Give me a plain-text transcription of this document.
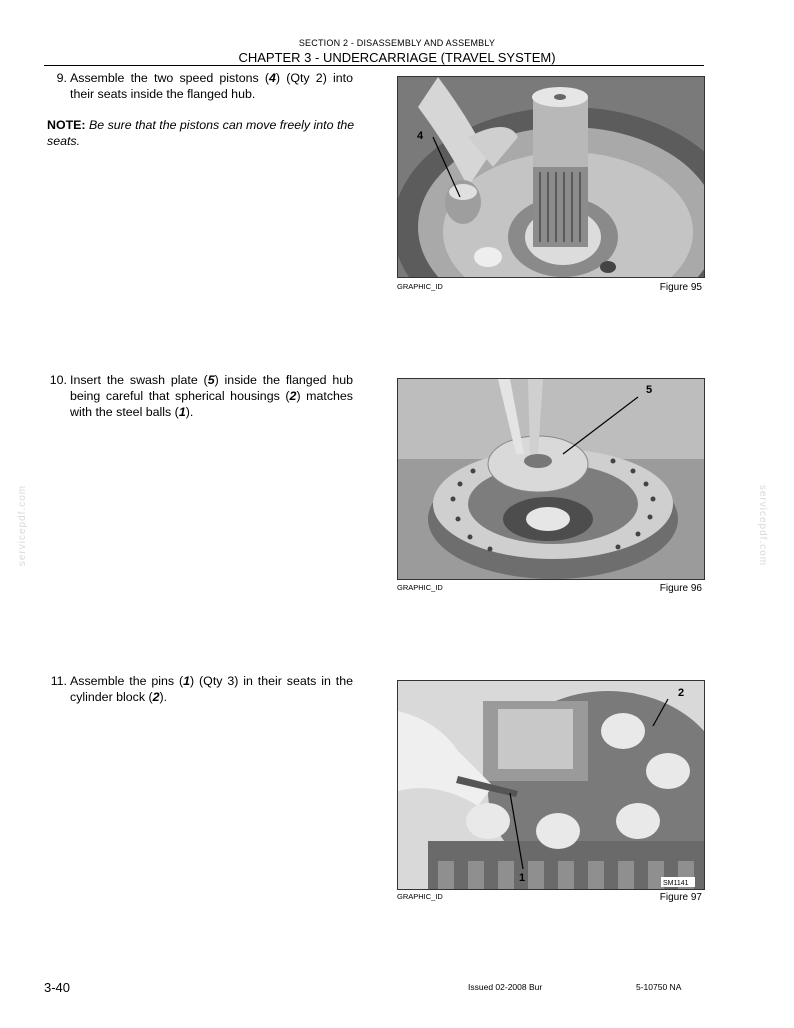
SECTION 2 - DISASSEMBLY AND ASSEMBLY
CHAPTER 3 - UNDERCARRIAGE (TRAVEL SYSTEM)
9. Assemble the two speed pistons (4) (Qty 2) into their seats inside the flanged hub.
NOTE: Be sure that the pistons can move freely into the seats.
10. Insert the swash plate (5) inside the flanged hub being careful that spherical housings (2) matches with the steel balls (1).
11. Assemble the pins (1) (Qty 3) in their seats in the cylinder block (2).
4
GRAPHIC_ID	Figure 95
5
GRAPHIC_ID	Figure 96
2
1	SM1141
GRAPHIC_ID	Figure 97
servicepdf.com	servicepdf.com
3-40	Issued 02-2008 Bur	5-10750 NA
